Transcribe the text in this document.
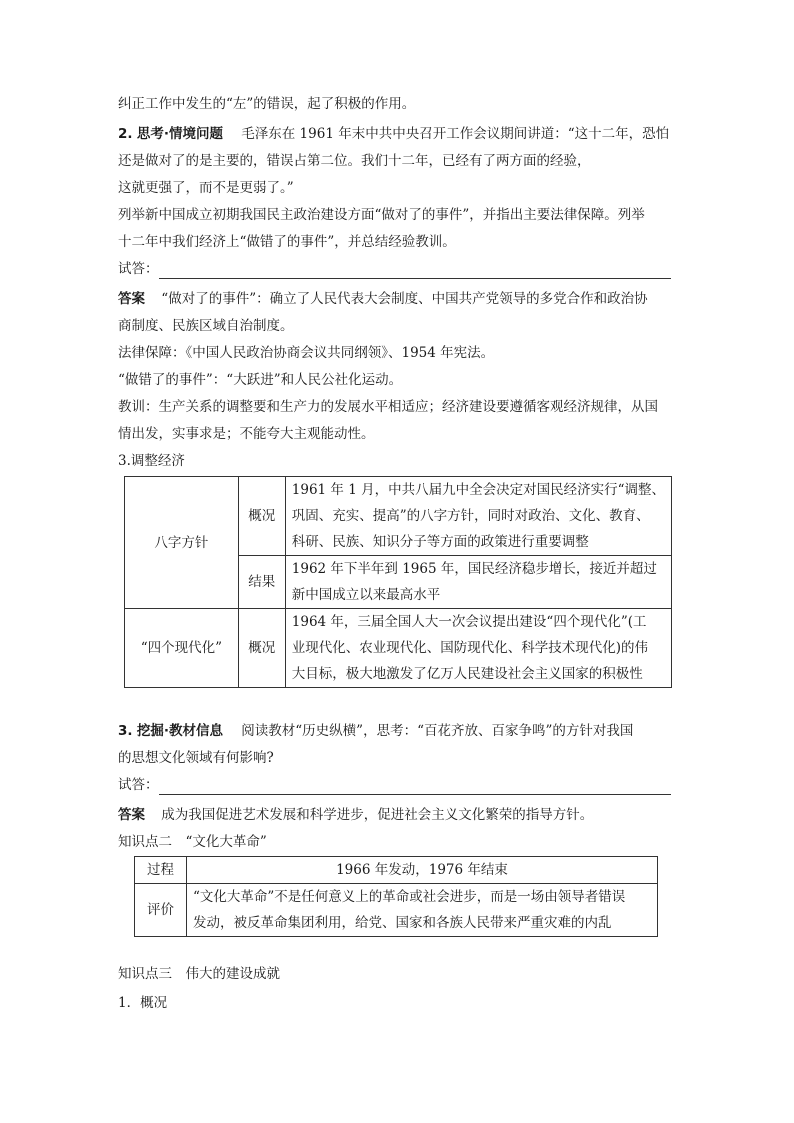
纠正工作中发生的“左”的错误，起了积极的作用。
2. 思考·情境问题 毛泽东在 1961 年末中共中央召开工作会议期间讲道：“这十二年，恐怕
还是做对了的是主要的，错误占第二位。我们十二年，已经有了两方面的经验，
这就更强了，而不是更弱了。”
列举新中国成立初期我国民主政治建设方面“做对了的事件”，并指出主要法律保障。列举
十二年中我们经济上“做错了的事件”，并总结经验教训。
试答：
答案 “做对了的事件”：确立了人民代表大会制度、中国共产党领导的多党合作和政治协
商制度、民族区域自治制度。
法律保障：《中国人民政治协商会议共同纲领》、1954 年宪法。
“做错了的事件”：“大跃进”和人民公社化运动。
教训：生产关系的调整要和生产力的发展水平相适应；经济建设要遵循客观经济规律，从国
情出发，实事求是；不能夸大主观能动性。
3.调整经济
八字方针	概况	1961 年 1 月，中共八届九中全会决定对国民经济实行“调整、
巩固、充实、提高”的八字方针，同时对政治、文化、教育、
科研、民族、知识分子等方面的政策进行重要调整

	结果	1962 年下半年到 1965 年，国民经济稳步增长，接近并超过
新中国成立以来最高水平

“四个现代化”	概况	1964 年，三届全国人大一次会议提出建设“四个现代化”(工
业现代化、农业现代化、国防现代化、科学技术现代化)的伟
大目标，极大地激发了亿万人民建设社会主义国家的积极性
3. 挖掘·教材信息 阅读教材“历史纵横”，思考：“百花齐放、百家争鸣”的方针对我国
的思想文化领域有何影响?
试答：
答案 成为我国促进艺术发展和科学进步，促进社会主义文化繁荣的指导方针。
知识点二　“文化大革命”
过程	1966 年发动，1976 年结束
评价	“文化大革命”不是任何意义上的革命或社会进步，而是一场由领导者错误
发动，被反革命集团利用，给党、国家和各族人民带来严重灾难的内乱
知识点三　伟大的建设成就
1．概况
